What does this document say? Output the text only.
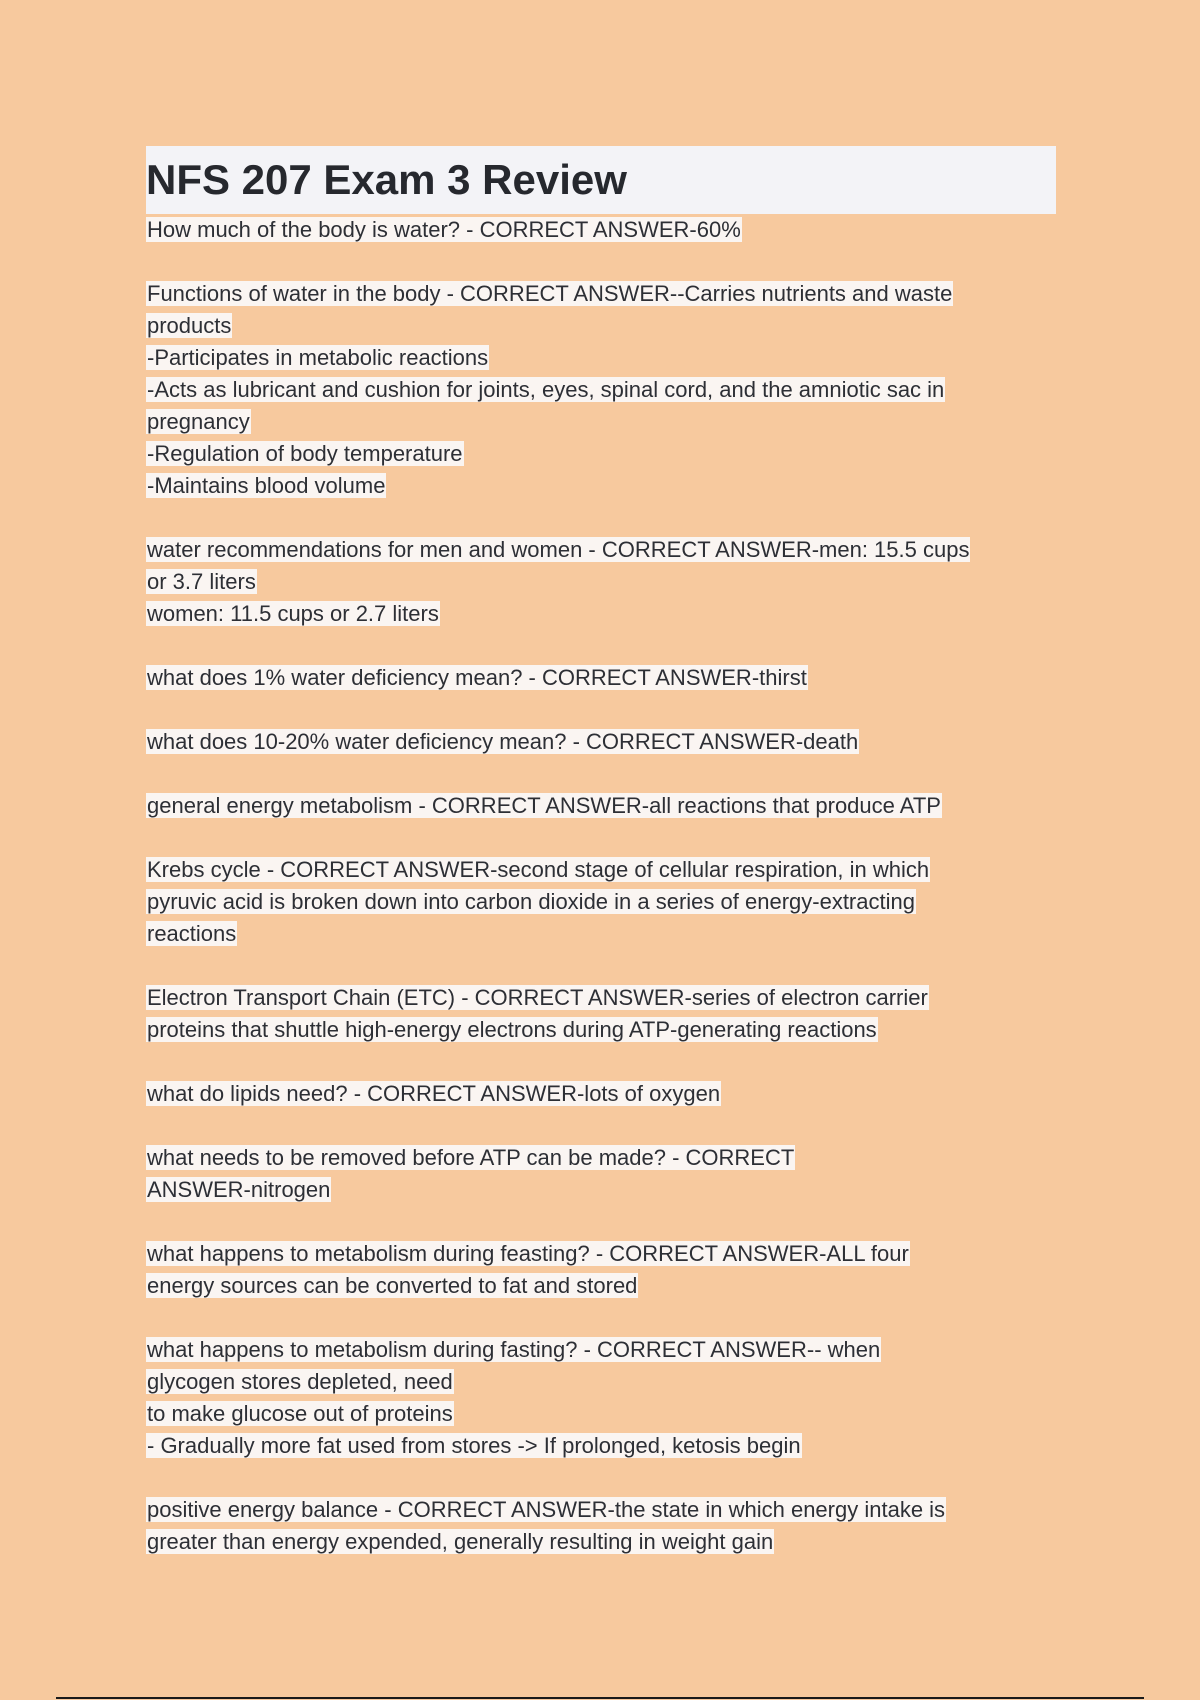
NFS 207 Exam 3 Review
How much of the body is water? - CORRECT ANSWER-60%
Functions of water in the body - CORRECT ANSWER--Carries nutrients and waste
products
-Participates in metabolic reactions
-Acts as lubricant and cushion for joints, eyes, spinal cord, and the amniotic sac in
pregnancy
-Regulation of body temperature
-Maintains blood volume
water recommendations for men and women - CORRECT ANSWER-men: 15.5 cups
or 3.7 liters
women: 11.5 cups or 2.7 liters
what does 1% water deficiency mean? - CORRECT ANSWER-thirst
what does 10-20% water deficiency mean? - CORRECT ANSWER-death
general energy metabolism - CORRECT ANSWER-all reactions that produce ATP
Krebs cycle - CORRECT ANSWER-second stage of cellular respiration, in which
pyruvic acid is broken down into carbon dioxide in a series of energy-extracting
reactions
Electron Transport Chain (ETC) - CORRECT ANSWER-series of electron carrier
proteins that shuttle high-energy electrons during ATP-generating reactions
what do lipids need? - CORRECT ANSWER-lots of oxygen
what needs to be removed before ATP can be made? - CORRECT
ANSWER-nitrogen
what happens to metabolism during feasting? - CORRECT ANSWER-ALL four
energy sources can be converted to fat and stored
what happens to metabolism during fasting? - CORRECT ANSWER-- when
glycogen stores depleted, need
to make glucose out of proteins
- Gradually more fat used from stores -> If prolonged, ketosis begin
positive energy balance - CORRECT ANSWER-the state in which energy intake is
greater than energy expended, generally resulting in weight gain
